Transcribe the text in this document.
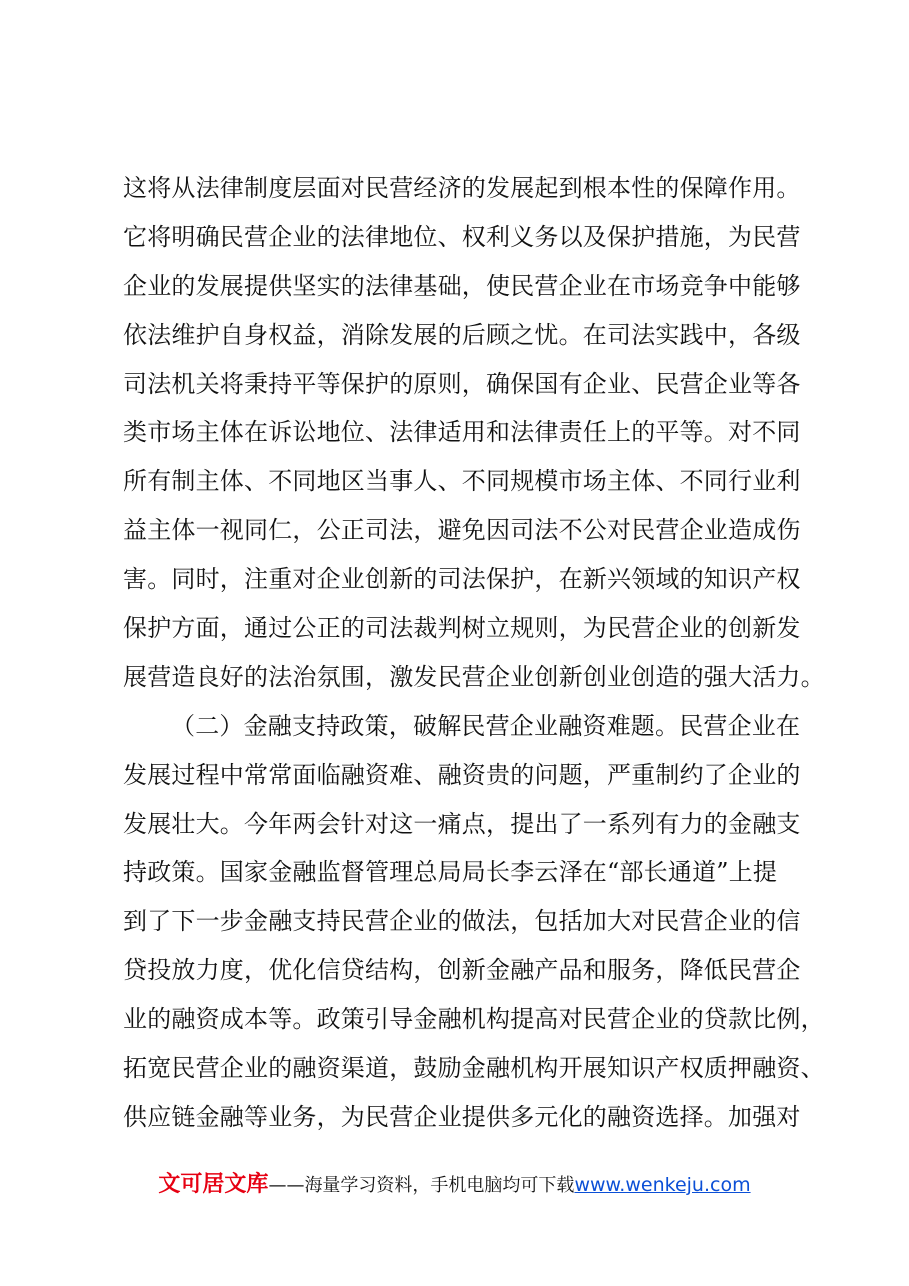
这将从法律制度层面对民营经济的发展起到根本性的保障作用。
它将明确民营企业的法律地位、权利义务以及保护措施，为民营
企业的发展提供坚实的法律基础，使民营企业在市场竞争中能够
依法维护自身权益，消除发展的后顾之忧。在司法实践中，各级
司法机关将秉持平等保护的原则，确保国有企业、民营企业等各
类市场主体在诉讼地位、法律适用和法律责任上的平等。对不同
所有制主体、不同地区当事人、不同规模市场主体、不同行业利
益主体一视同仁，公正司法，避免因司法不公对民营企业造成伤
害。同时，注重对企业创新的司法保护，在新兴领域的知识产权
保护方面，通过公正的司法裁判树立规则，为民营企业的创新发
展营造良好的法治氛围，激发民营企业创新创业创造的强大活力。
（二）金融支持政策，破解民营企业融资难题。民营企业在
发展过程中常常面临融资难、融资贵的问题，严重制约了企业的
发展壮大。今年两会针对这一痛点，提出了一系列有力的金融支
持政策。国家金融监督管理总局局长李云泽在“部长通道”上提
到了下一步金融支持民营企业的做法，包括加大对民营企业的信
贷投放力度，优化信贷结构，创新金融产品和服务，降低民营企
业的融资成本等。政策引导金融机构提高对民营企业的贷款比例，
拓宽民营企业的融资渠道，鼓励金融机构开展知识产权质押融资、
供应链金融等业务，为民营企业提供多元化的融资选择。加强对
文可居文库——海量学习资料，手机电脑均可下载www.wenkeju.com
